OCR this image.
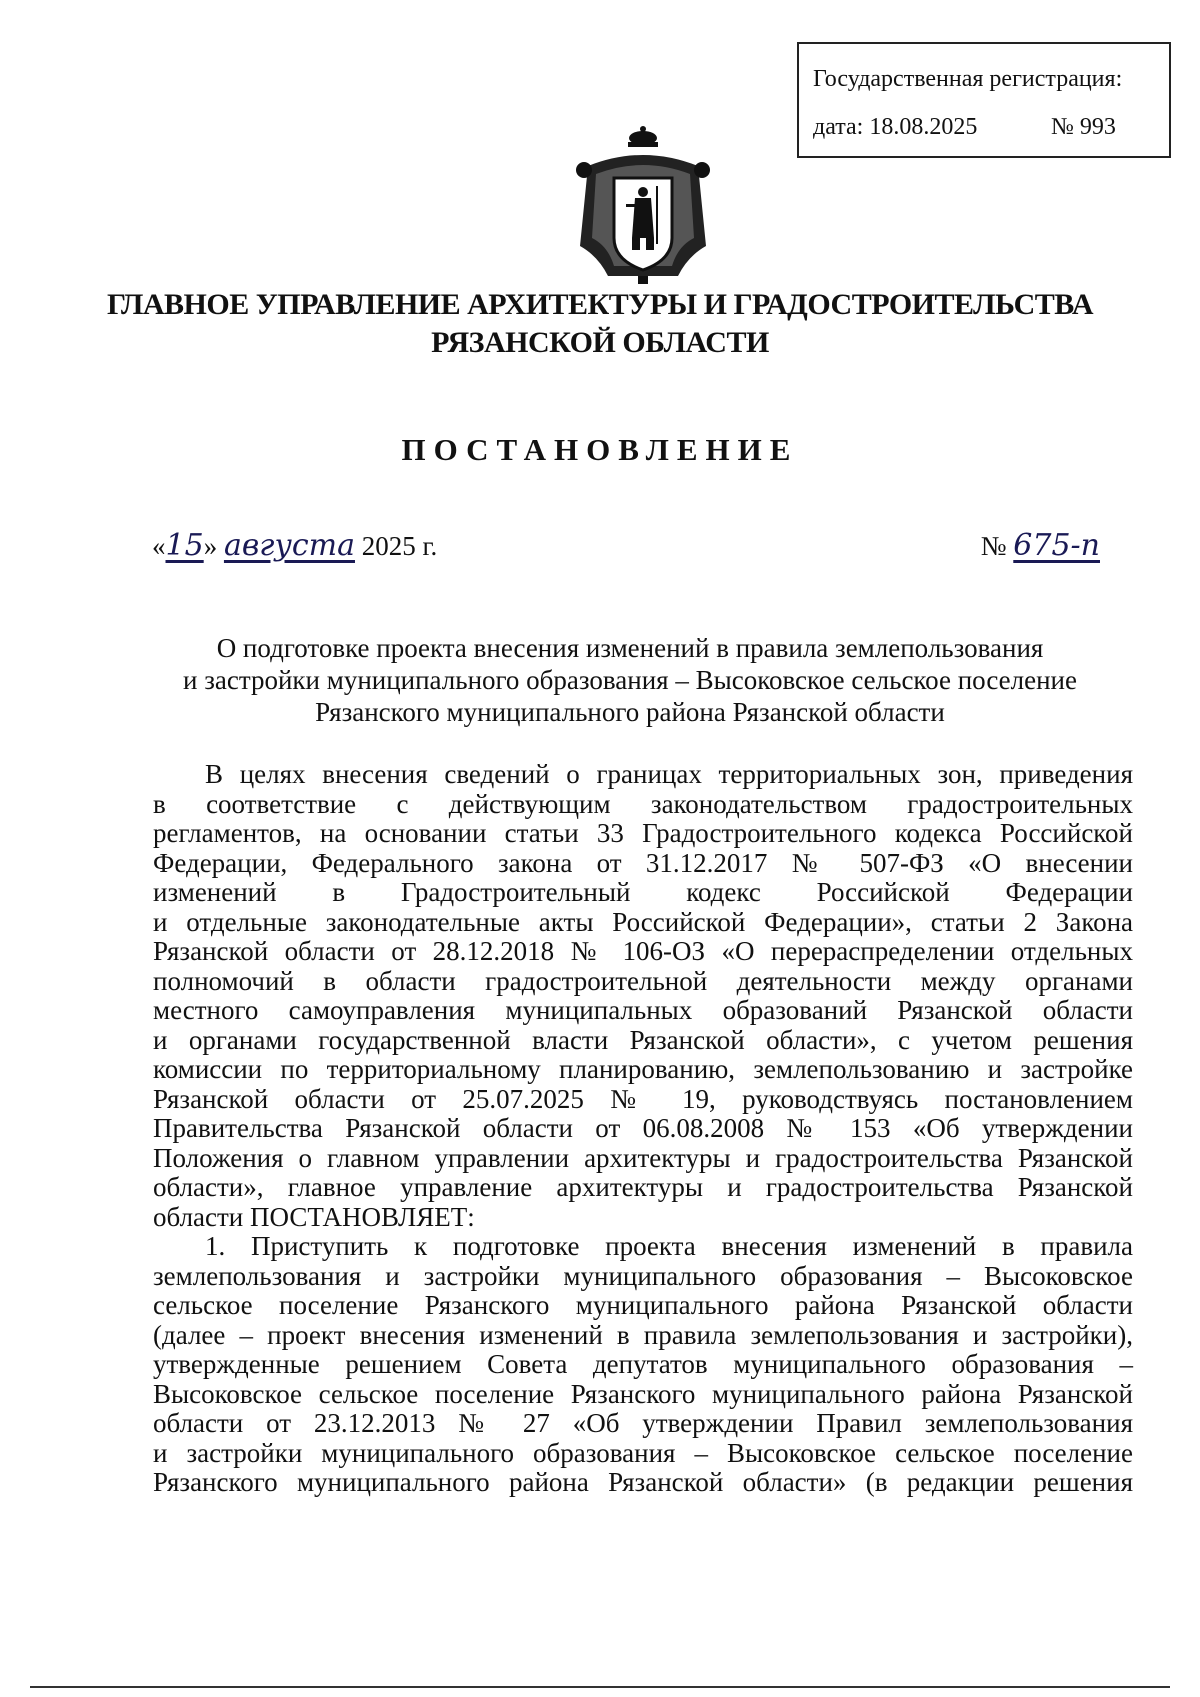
Государственная регистрация:
дата: 18.08.2025	№ 993
ГЛАВНОЕ УПРАВЛЕНИЕ АРХИТЕКТУРЫ И ГРАДОСТРОИТЕЛЬСТВА
РЯЗАНСКОЙ ОБЛАСТИ
ПОСТАНОВЛЕНИЕ
«15» августа 2025 г.	№ 675-п
О подготовке проекта внесения изменений в правила землепользования
и застройки муниципального образования – Высоковское сельское поселение
Рязанского муниципального района Рязанской области
В целях внесения сведений о границах территориальных зон, приведения
в соответствие с действующим законодательством градостроительных
регламентов, на основании статьи 33 Градостроительного кодекса Российской
Федерации, Федерального закона от 31.12.2017 № 507-ФЗ «О внесении
изменений в Градостроительный кодекс Российской Федерации
и отдельные законодательные акты Российской Федерации», статьи 2 Закона
Рязанской области от 28.12.2018 № 106-ОЗ «О перераспределении отдельных
полномочий в области градостроительной деятельности между органами
местного самоуправления муниципальных образований Рязанской области
и органами государственной власти Рязанской области», с учетом решения
комиссии по территориальному планированию, землепользованию и застройке
Рязанской области от 25.07.2025 № 19, руководствуясь постановлением
Правительства Рязанской области от 06.08.2008 № 153 «Об утверждении
Положения о главном управлении архитектуры и градостроительства Рязанской
области», главное управление архитектуры и градостроительства Рязанской
области ПОСТАНОВЛЯЕТ:
1. Приступить к подготовке проекта внесения изменений в правила
землепользования и застройки муниципального образования – Высоковское
сельское поселение Рязанского муниципального района Рязанской области
(далее – проект внесения изменений в правила землепользования и застройки),
утвержденные решением Совета депутатов муниципального образования –
Высоковское сельское поселение Рязанского муниципального района Рязанской
области от 23.12.2013 № 27 «Об утверждении Правил землепользования
и застройки муниципального образования – Высоковское сельское поселение
Рязанского муниципального района Рязанской области» (в редакции решения
